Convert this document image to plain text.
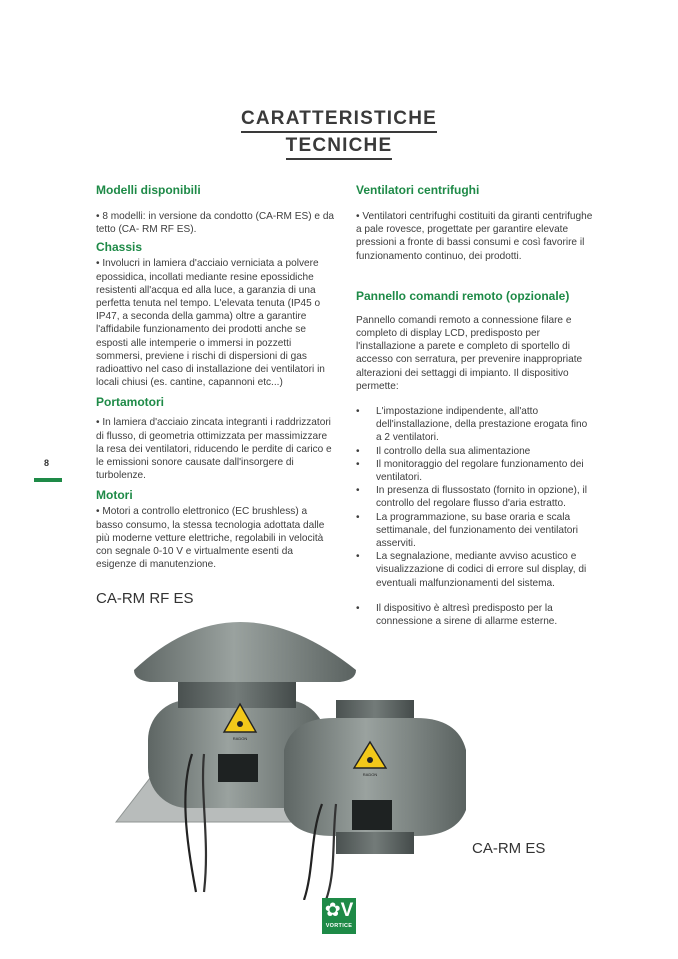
CARATTERISTICHE
TECNICHE
Modelli disponibili

• 8 modelli: in versione da condotto (CA-RM ES) e da tetto (CA- RM RF ES).

Chassis

• Involucri in lamiera d'acciaio verniciata a polvere epossidica, incollati mediante resine epossidiche resistenti all'acqua ed alla luce, a garanzia di una perfetta tenuta nel tempo. L'elevata tenuta (IP45 o IP47, a seconda della gamma) oltre a garantire l'affidabile funzionamento dei prodotti anche se esposti alle intemperie o immersi in pozzetti sommersi, previene i rischi di dispersioni di gas radioattivo nel caso di installazione dei ventilatori in locali chiusi (es. cantine, capannoni etc...)

Portamotori

• In lamiera d'acciaio zincata integranti i raddrizzatori di flusso, di geometria ottimizzata per massimizzare la resa dei ventilatori, riducendo le perdite di carico e le emissioni sonore causate dall'insorgere di turbolenze.

Motori

• Motori a controllo elettronico (EC brushless) a basso consumo, la stessa tecnologia adottata dalle più moderne vetture elettriche, regolabili in velocità con segnale 0-10 V e virtualmente esenti da esigenze di manutenzione.

Ventilatori centrifughi

• Ventilatori centrifughi costituiti da giranti centrifughe a pale rovesce, progettate per garantire elevate pressioni a fronte di bassi consumi e così favorire il funzionamento continuo, dei prodotti.

Pannello comandi remoto (opzionale)

Pannello comandi remoto a connessione filare e completo di display LCD, predisposto per l'installazione a parete e completo di sportello di accesso con serratura, per prevenire inappropriate alterazioni dei settaggi di impianto. Il dispositivo permette:

• L'impostazione indipendente, all'atto dell'installazione, della prestazione erogata fino a 2 ventilatori.
• Il controllo della sua alimentazione
• Il monitoraggio del regolare funzionamento dei ventilatori.
• In presenza di flussostato (fornito in opzione), il controllo del regolare flusso d'aria estratto.
• La programmazione, su base oraria e scala settimanale, del funzionamento dei ventilatori asserviti.
• La segnalazione, mediante avviso acustico e visualizzazione di codici di errore sul display, di eventuali malfunzionamenti del sistema.
• Il dispositivo è altresì predisposto per la connessione a sirene di allarme esterne.
8
CA-RM RF ES
CA-RM ES
RADON
RADON
✿V
VORTICE
